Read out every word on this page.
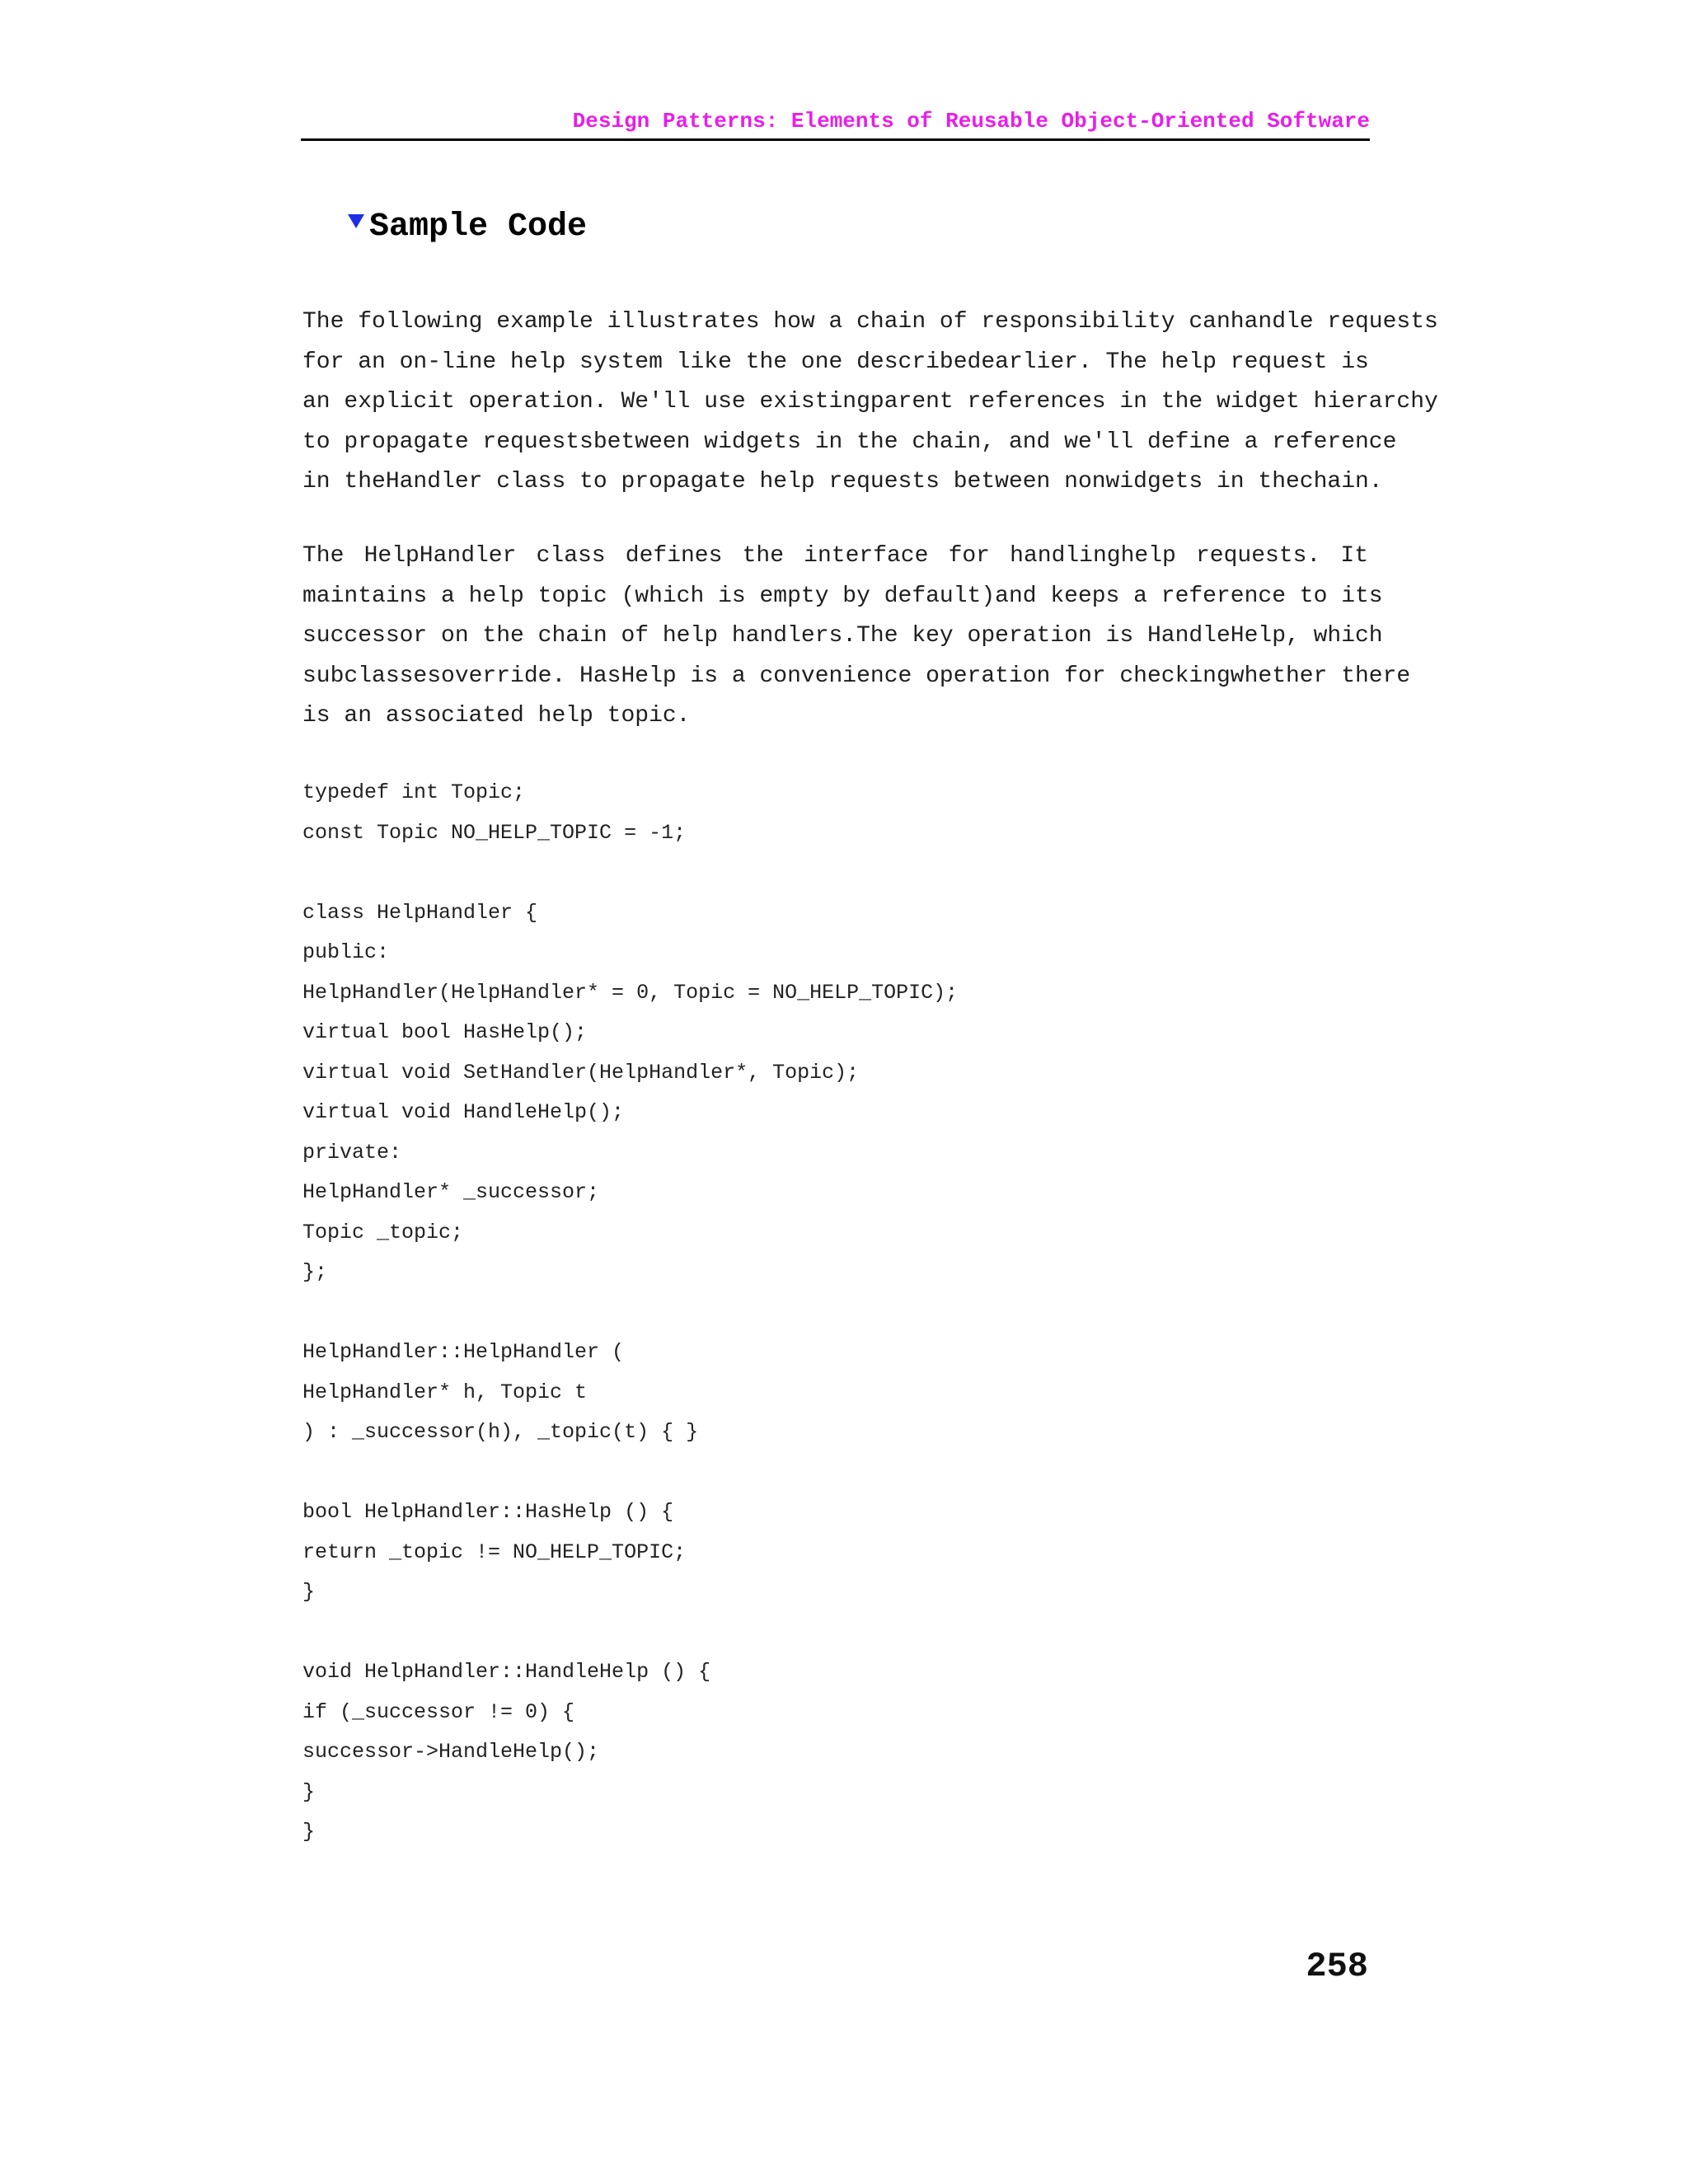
Design Patterns: Elements of Reusable Object-Oriented Software
Sample Code
The following example illustrates how a chain of responsibility canhandle requests
for an on-line help system like the one describedearlier. The help request is
an explicit operation. We'll use existingparent references in the widget hierarchy
to propagate requestsbetween widgets in the chain, and we'll define a reference
in theHandler class to propagate help requests between nonwidgets in thechain.
The HelpHandler class defines the interface for handlinghelp requests. It
maintains a help topic (which is empty by default)and keeps a reference to its
successor on the chain of help handlers.The key operation is HandleHelp, which
subclassesoverride. HasHelp is a convenience operation for checkingwhether there
is an associated help topic.
typedef int Topic;
const Topic NO_HELP_TOPIC = -1;
class HelpHandler {
public:
HelpHandler(HelpHandler* = 0, Topic = NO_HELP_TOPIC);
virtual bool HasHelp();
virtual void SetHandler(HelpHandler*, Topic);
virtual void HandleHelp();
private:
HelpHandler* _successor;
Topic _topic;
};
HelpHandler::HelpHandler (
HelpHandler* h, Topic t
) : _successor(h), _topic(t) { }
bool HelpHandler::HasHelp () {
return _topic != NO_HELP_TOPIC;
}
void HelpHandler::HandleHelp () {
if (_successor != 0) {
successor->HandleHelp();
}
}
258
